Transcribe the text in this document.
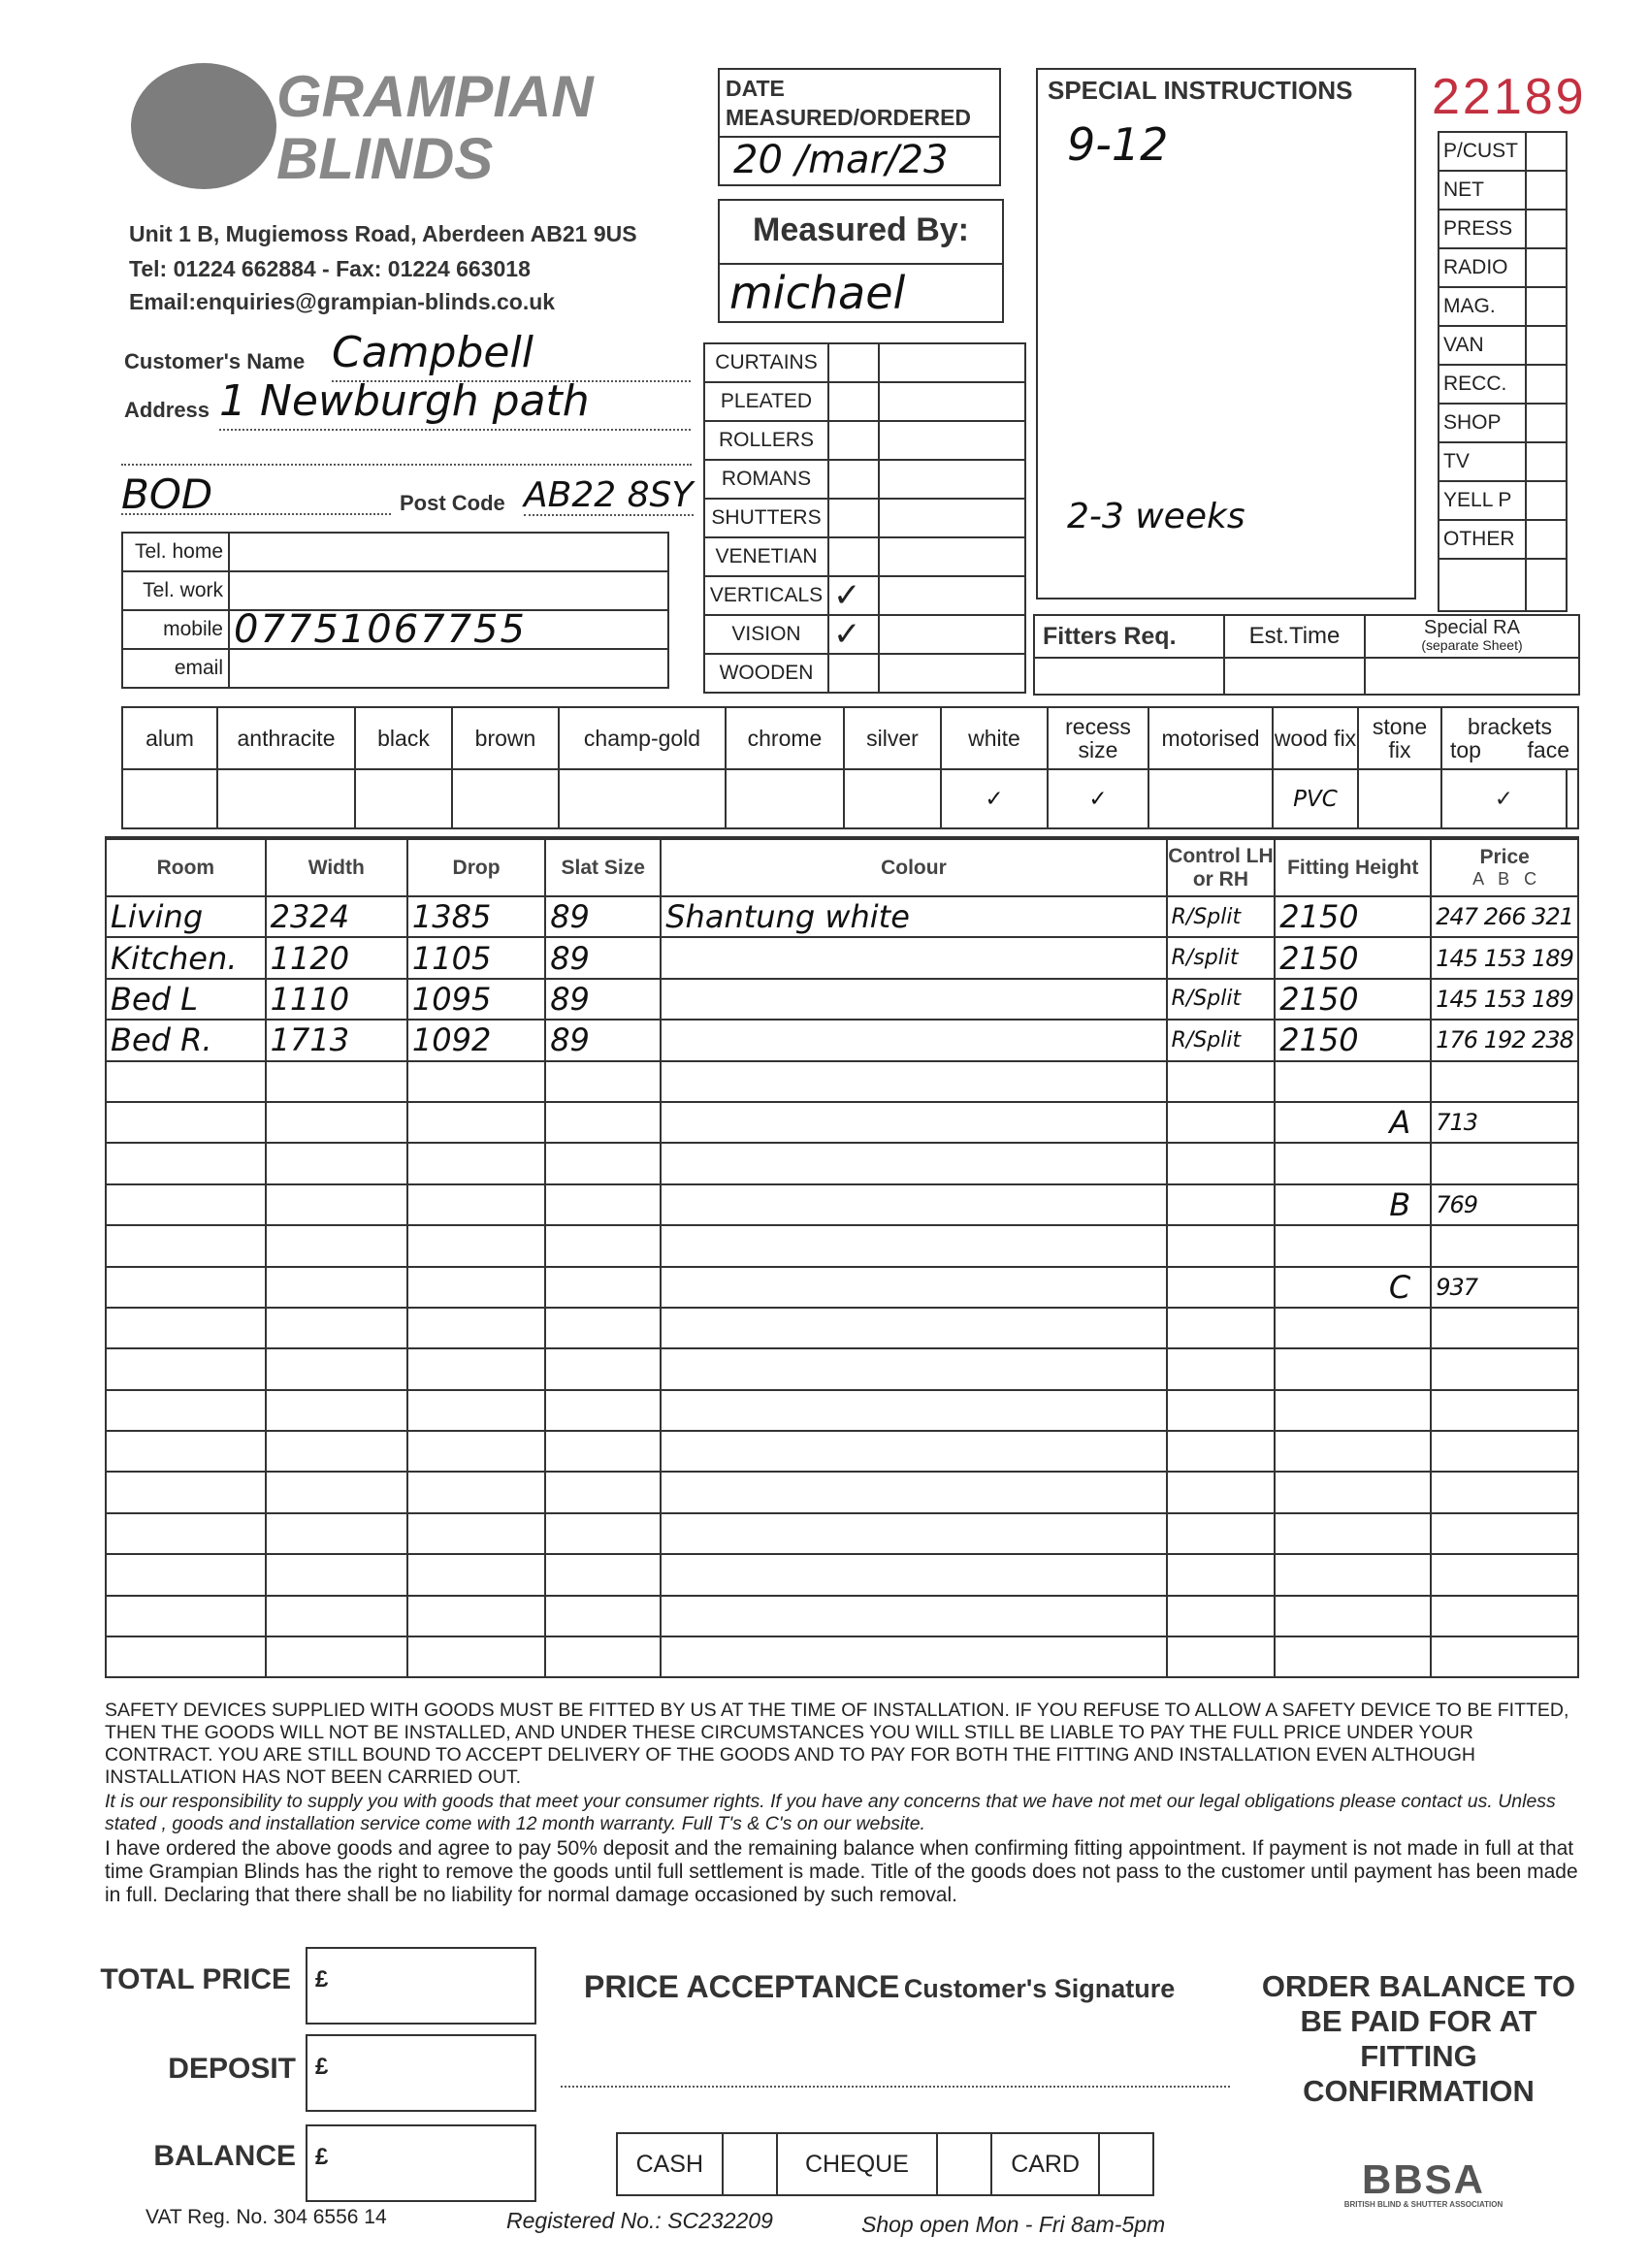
GRAMPIAN
BLINDS
Unit 1 B, Mugiemoss Road, Aberdeen AB21 9US
Tel: 01224 662884 - Fax: 01224 663018
Email:enquiries@grampian-blinds.co.uk
DATE
MEASURED/ORDERED
20 /mar/23
Measured By:
michael
SPECIAL INSTRUCTIONS
9-12
2-3 weeks
22189
P/CUST	
NET	
PRESS	
RADIO	
MAG.	
VAN	
RECC.	
SHOP	
TV	
YELL P	
OTHER	

Customer's Name Campbell
Address 1 Newburgh path
BOD	Post Code AB22 8SY
Tel. home	
Tel. work	
mobile	07751067755
email	
CURTAINS		
PLEATED		
ROLLERS		
ROMANS		
SHUTTERS		
VENETIAN		
VERTICALS	✓	
VISION	✓	
WOODEN		
Fitters Req.	Est.Time	Special RA
(separate Sheet)

alum	anthracite	black	brown	champ-gold	chrome	silver	white	recess size	motorised	wood fix	stone fix	brackets
top face	

							✓	✓		PVC		✓	
Room	Width	Drop	Slat Size	Colour	Control LH or RH	Fitting Height	Price
A   B   C

Living	2324	1385	89	Shantung white	R/Split	2150	247 266 321
Kitchen.	1120	1105	89		R/split	2150	145 153 189
Bed L	1110	1095	89		R/Split	2150	145 153 189
Bed R.	1713	1092	89		R/Split	2150	176 192 238

						A	713

						B	769

						C	937

SAFETY DEVICES SUPPLIED WITH GOODS MUST BE FITTED BY US AT THE TIME OF INSTALLATION. IF YOU REFUSE TO ALLOW A SAFETY DEVICE TO BE FITTED, THEN THE GOODS WILL NOT BE INSTALLED, AND UNDER THESE CIRCUMSTANCES YOU WILL STILL BE LIABLE TO PAY THE FULL PRICE UNDER YOUR CONTRACT. YOU ARE STILL BOUND TO ACCEPT DELIVERY OF THE GOODS AND TO PAY FOR BOTH THE FITTING AND INSTALLATION EVEN ALTHOUGH INSTALLATION HAS NOT BEEN CARRIED OUT.
It is our responsibility to supply you with goods that meet your consumer rights. If you have any concerns that we have not met our legal obligations please contact us. Unless stated , goods and installation service come with 12 month warranty. Full T's & C's on our website.
I have ordered the above goods and agree to pay 50% deposit and the remaining balance when confirming fitting appointment. If payment is not made in full at that time Grampian Blinds has the right to remove the goods until full settlement is made. Title of the goods does not pass to the customer until payment has been made in full. Declaring that there shall be no liability for normal damage occasioned by such removal.
TOTAL PRICE	£
DEPOSIT £
BALANCE £
PRICE ACCEPTANCE Customer's Signature
CASH		CHEQUE		CARD	
ORDER BALANCE TO BE PAID FOR AT FITTING CONFIRMATION
BBSA
BRITISH BLIND & SHUTTER ASSOCIATION
VAT Reg. No. 304 6556 14	Registered No.: SC232209	Shop open Mon - Fri 8am-5pm
